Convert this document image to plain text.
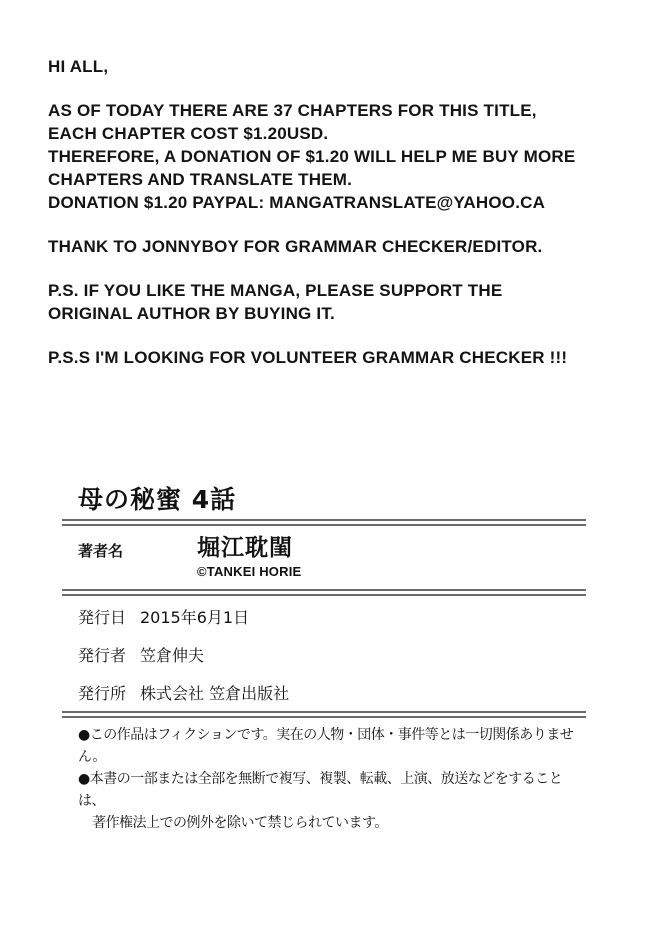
HI ALL,

AS OF TODAY THERE ARE 37 CHAPTERS FOR THIS TITLE,
EACH CHAPTER COST $1.20USD.
THEREFORE, A DONATION OF $1.20 WILL HELP ME BUY MORE
CHAPTERS AND TRANSLATE THEM.
DONATION $1.20 PAYPAL: MANGATRANSLATE@YAHOO.CA

THANK TO JONNYBOY FOR GRAMMAR CHECKER/EDITOR.

P.S. IF YOU LIKE THE MANGA, PLEASE SUPPORT THE
ORIGINAL AUTHOR BY BUYING IT.

P.S.S I'M LOOKING FOR VOLUNTEER GRAMMAR CHECKER !!!

母の秘蜜 4話
著者名	堀江耽閨
©TANKEI HORIE
発行日 2015年6月1日
発行者 笠倉伸夫
発行所 株式会社 笠倉出版社
●この作品はフィクションです。実在の人物・団体・事件等とは一切関係ありません。
●本書の一部または全部を無断で複写、複製、転載、上演、放送などをすることは、
著作権法上での例外を除いて禁じられています。
